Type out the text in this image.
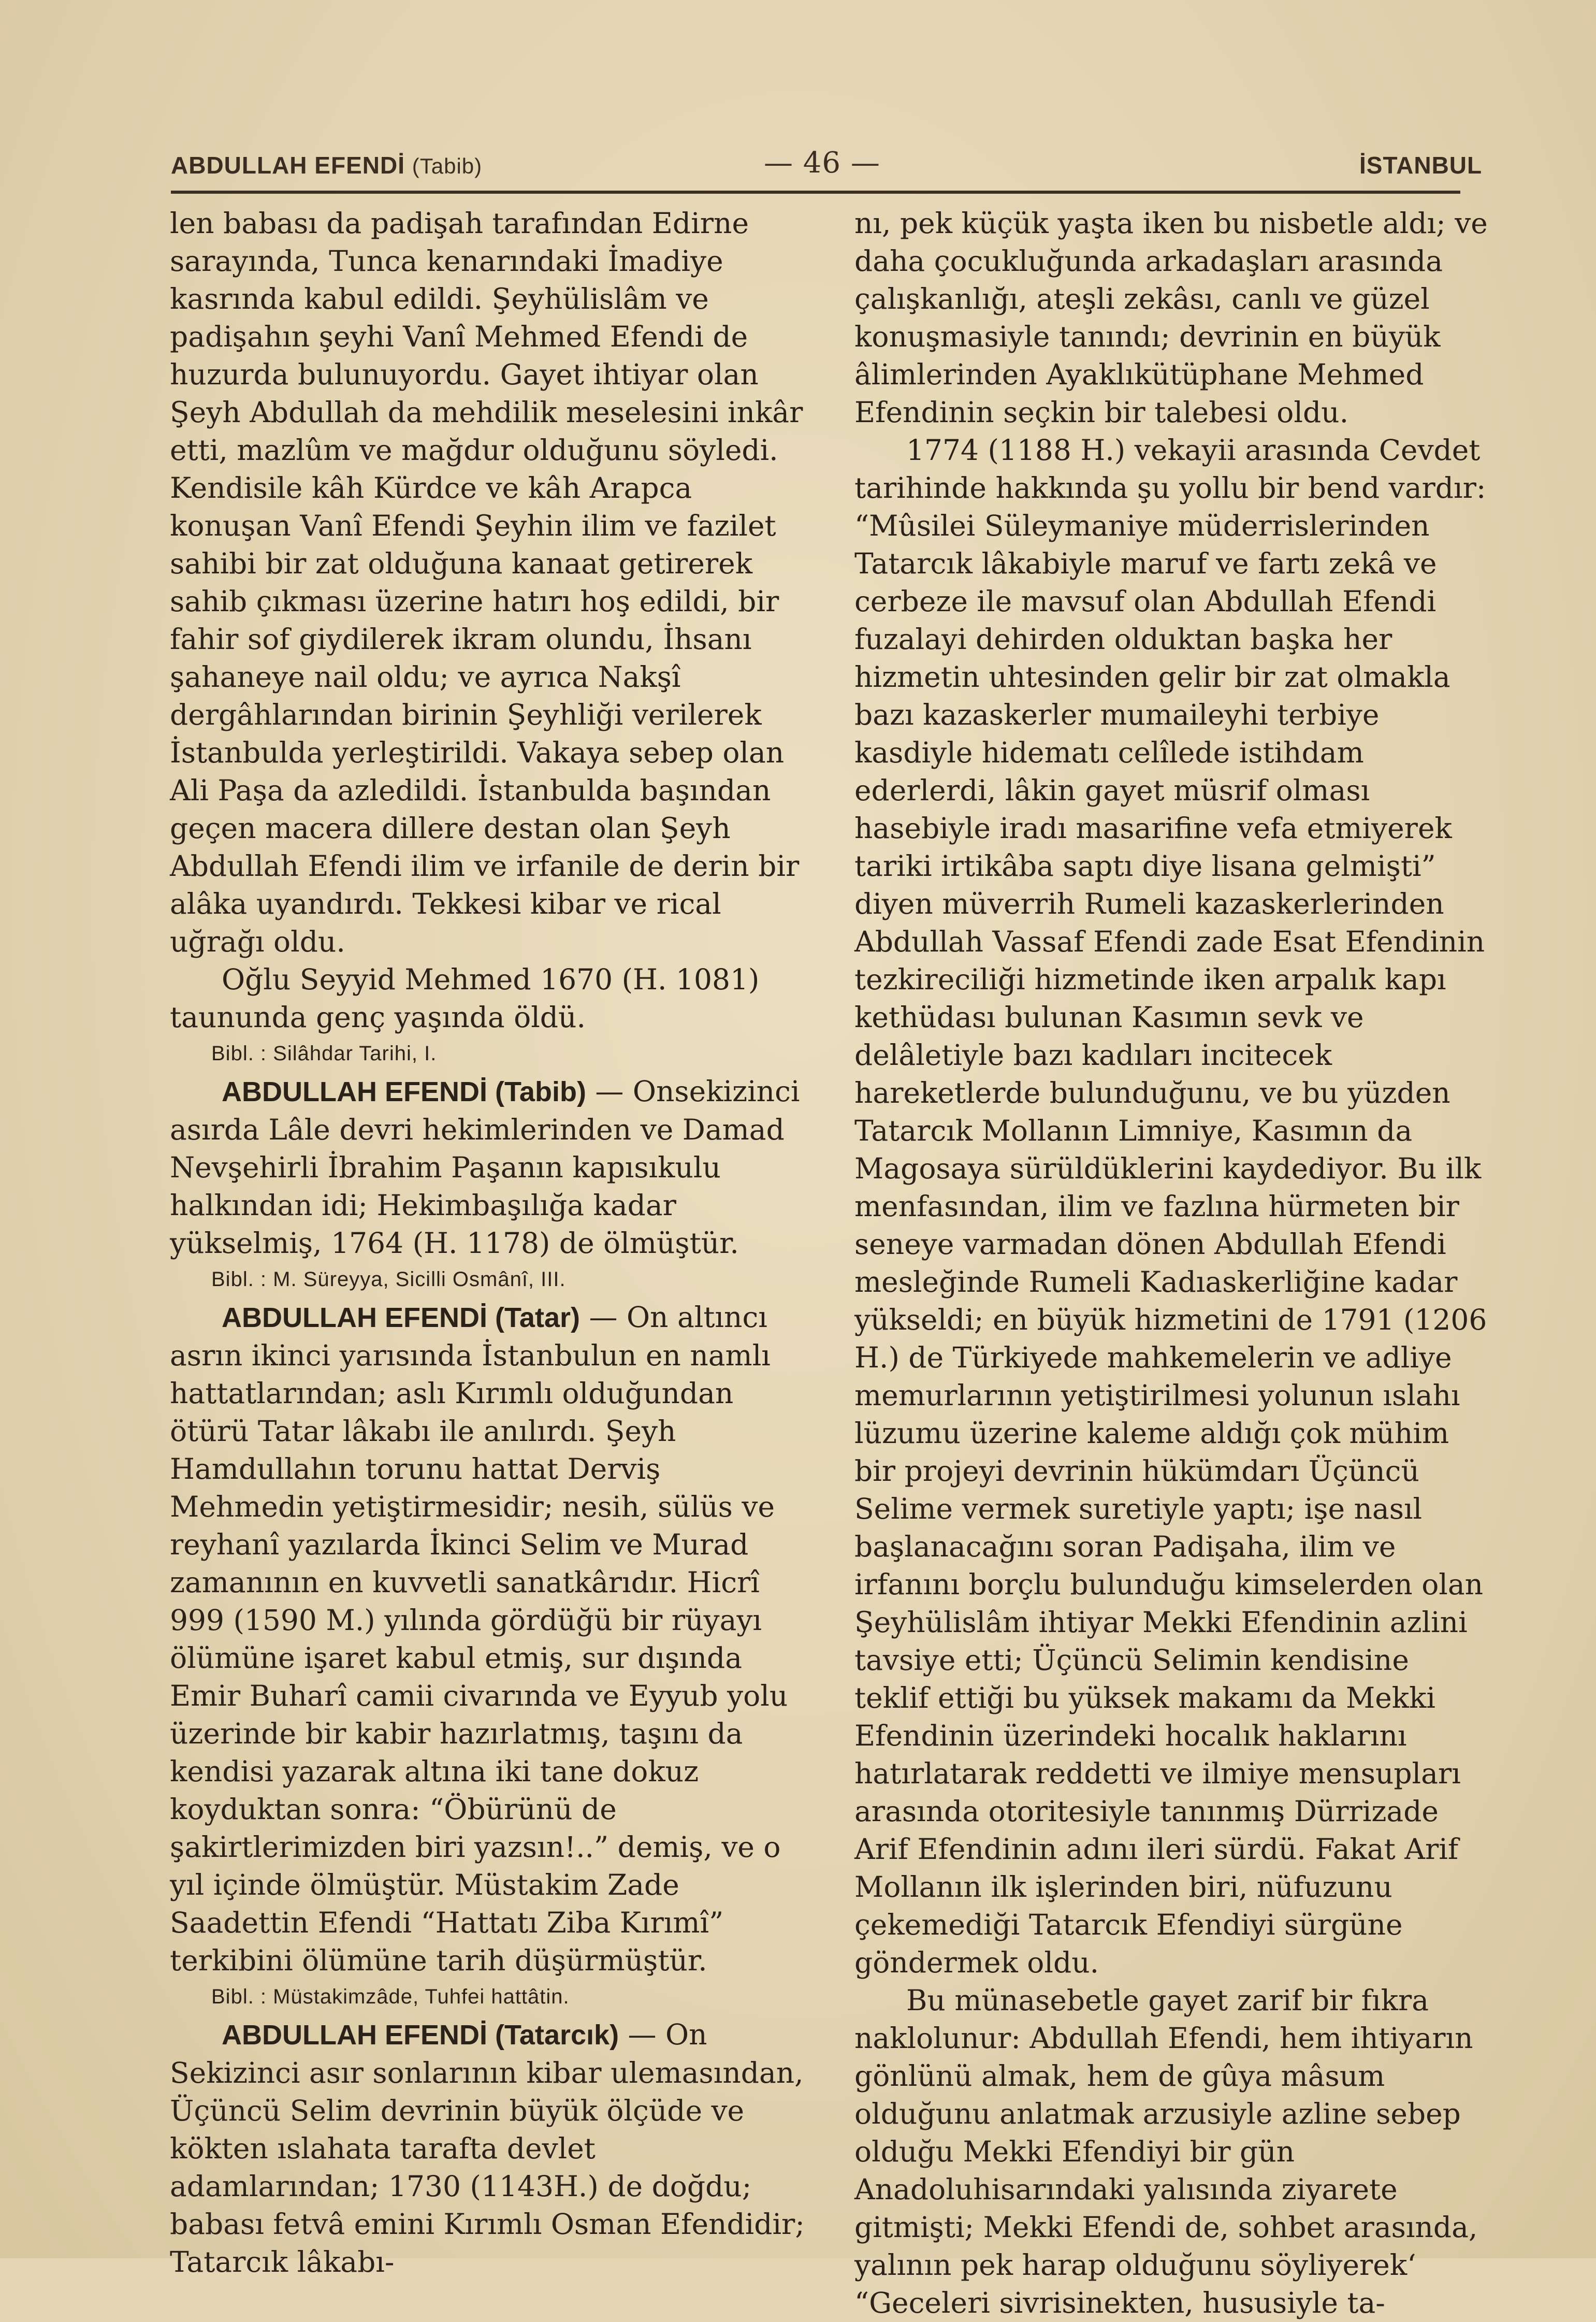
ABDULLAH EFENDİ (Tabib)	— 46 —	İSTANBUL

len babası da padişah tarafından Edirne sarayında, Tunca kenarındaki İmadiye kasrında kabul edildi. Şeyhülislâm ve padişahın şeyhi Vanî Mehmed Efendi de huzurda bulunuyordu. Gayet ihtiyar olan Şeyh Abdullah da mehdilik meselesini inkâr etti, mazlûm ve mağdur olduğunu söyledi. Kendisile kâh Kürdce ve kâh Arapca konuşan Vanî Efendi Şeyhin ilim ve fazilet sahibi bir zat olduğuna kanaat getirerek sahib çıkması üzerine hatırı hoş edildi, bir fahir sof giydilerek ikram olundu, İhsanı şahaneye nail oldu; ve ayrıca Nakşî dergâhlarından birinin Şeyhliği verilerek İstanbulda yerleştirildi. Vakaya sebep olan Ali Paşa da azledildi. İstanbulda başından geçen macera dillere destan olan Şeyh Abdullah Efendi ilim ve irfanile de derin bir alâka uyandırdı. Tekkesi kibar ve rical uğrağı oldu.

Oğlu Seyyid Mehmed 1670 (H. 1081) taununda genç yaşında öldü.

Bibl. : Silâhdar Tarihi, I.

ABDULLAH EFENDİ (Tabib) — Onsekizinci asırda Lâle devri hekimlerinden ve Damad Nevşehirli İbrahim Paşanın kapısıkulu halkından idi; Hekimbaşılığa kadar yükselmiş, 1764 (H. 1178) de ölmüştür.

Bibl. : M. Süreyya, Sicilli Osmânî, III.

ABDULLAH EFENDİ (Tatar) — On altıncı asrın ikinci yarısında İstanbulun en namlı hattatlarından; aslı Kırımlı olduğundan ötürü Tatar lâkabı ile anılırdı. Şeyh Hamdullahın torunu hattat Derviş Mehmedin yetiştirmesidir; nesih, sülüs ve reyhanî yazılarda İkinci Selim ve Murad zamanının en kuvvetli sanatkârıdır. Hicrî 999 (1590 M.) yılında gördüğü bir rüyayı ölümüne işaret kabul etmiş, sur dışında Emir Buharî camii civarında ve Eyyub yolu üzerinde bir kabir hazırlatmış, taşını da kendisi yazarak altına iki tane dokuz koyduktan sonra: “Öbürünü de şakirtlerimizden biri yazsın!..” demiş, ve o yıl içinde ölmüştür. Müstakim Zade Saadettin Efendi “Hattatı Ziba Kırımî” terkibini ölümüne tarih düşürmüştür.

Bibl. : Müstakimzâde, Tuhfei hattâtin.

ABDULLAH EFENDİ (Tatarcık) — On Sekizinci asır sonlarının kibar ulemasından, Üçüncü Selim devrinin büyük ölçüde ve kökten ıslahata tarafta devlet adamlarından; 1730 (1143H.) de doğdu; babası fetvâ emini Kırımlı Osman Efendidir; Tatarcık lâkabı-

nı, pek küçük yaşta iken bu nisbetle aldı; ve daha çocukluğunda arkadaşları arasında çalışkanlığı, ateşli zekâsı, canlı ve güzel konuşmasiyle tanındı; devrinin en büyük âlimlerinden Ayaklıkütüphane Mehmed Efendinin seçkin bir talebesi oldu.

1774 (1188 H.) vekayii arasında Cevdet tarihinde hakkında şu yollu bir bend vardır: “Mûsilei Süleymaniye müderrislerinden Tatarcık lâkabiyle maruf ve fartı zekâ ve cerbeze ile mavsuf olan Abdullah Efendi fuzalayi dehirden olduktan başka her hizmetin uhtesinden gelir bir zat olmakla bazı kazaskerler mumaileyhi terbiye kasdiyle hidematı celîlede istihdam ederlerdi, lâkin gayet müsrif olması hasebiyle iradı masarifine vefa etmiyerek tariki irtikâba saptı diye lisana gelmişti” diyen müverrih Rumeli kazaskerlerinden Abdullah Vassaf Efendi zade Esat Efendinin tezkireciliği hizmetinde iken arpalık kapı kethüdası bulunan Kasımın sevk ve delâletiyle bazı kadıları incitecek hareketlerde bulunduğunu, ve bu yüzden Tatarcık Mollanın Limniye, Kasımın da Magosaya sürüldüklerini kaydediyor. Bu ilk menfasından, ilim ve fazlına hürmeten bir seneye varmadan dönen Abdullah Efendi mesleğinde Rumeli Kadıaskerliğine kadar yükseldi; en büyük hizmetini de 1791 (1206 H.) de Türkiyede mahkemelerin ve adliye memurlarının yetiştirilmesi yolunun ıslahı lüzumu üzerine kaleme aldığı çok mühim bir projeyi devrinin hükümdarı Üçüncü Selime vermek suretiyle yaptı; işe nasıl başlanacağını soran Padişaha, ilim ve irfanını borçlu bulunduğu kimselerden olan Şeyhülislâm ihtiyar Mekki Efendinin azlini tavsiye etti; Üçüncü Selimin kendisine teklif ettiği bu yüksek makamı da Mekki Efendinin üzerindeki hocalık haklarını hatırlatarak reddetti ve ilmiye mensupları arasında otoritesiyle tanınmış Dürrizade Arif Efendinin adını ileri sürdü. Fakat Arif Mollanın ilk işlerinden biri, nüfuzunu çekemediği Tatarcık Efendiyi sürgüne göndermek oldu.

Bu münasebetle gayet zarif bir fıkra naklolunur: Abdullah Efendi, hem ihtiyarın gönlünü almak, hem de gûya mâsum olduğunu anlatmak arzusiyle azline sebep olduğu Mekki Efendiyi bir gün Anadoluhisarındaki yalısında ziyarete gitmişti; Mekki Efendi de, sohbet arasında, yalının pek harap olduğunu söyliyerek‘ “Geceleri sivrisinekten, hususiyle ta-
